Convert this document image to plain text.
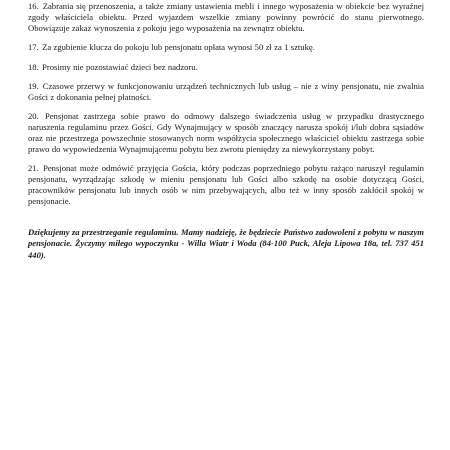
16. Zabrania się przenoszenia, a także zmiany ustawienia mebli i innego wyposażenia w obiekcie bez wyraźnej zgody właściciela obiektu. Przed wyjazdem wszelkie zmiany powinny powrócić do stanu pierwotnego. Obowiązuje zakaz wynoszenia z pokoju jego wyposażenia na zewnątrz obiektu.

17. Za zgubienie klucza do pokoju lub pensjonatu opłata wynosi 50 zł za 1 sztukę.

18. Prosimy nie pozostawiać dzieci bez nadzoru.

19. Czasowe przerwy w funkcjonowaniu urządzeń technicznych lub usług – nie z winy pensjonatu, nie zwalnia Gości z dokonania pełnej płatności.

20. Pensjonat zastrzega sobie prawo do odmowy dalszego świadczenia usług w przypadku drastycznego naruszenia regulaminu przez Gości. Gdy Wynajmujący w sposób znaczący narusza spokój i/lub dobra sąsiadów oraz nie przestrzega powszechnie stosowanych norm współżycia społecznego właściciel obiektu zastrzega sobie prawo do wypowiedzenia Wynajmującemu pobytu bez zwrotu pieniędzy za niewykorzystany pobyt.

21. Pensjonat może odmówić przyjęcia Gościa, który podczas poprzedniego pobytu rażąco naruszył regulamin pensjonatu, wyrządzając szkodę w mieniu pensjonatu lub Gości albo szkodę na osobie dotyczącą Gości, pracowników pensjonatu lub innych osób w nim przebywających, albo też w inny sposób zakłócił spokój w pensjonacie.

Dziękujemy za przestrzeganie regulaminu. Mamy nadzieję, że będziecie Państwo zadowoleni z pobytu w naszym pensjonacie. Życzymy miłego wypoczynku - Willa Wiatr i Woda (84-100 Puck, Aleja Lipowa 18a, tel. 737 451 440).
